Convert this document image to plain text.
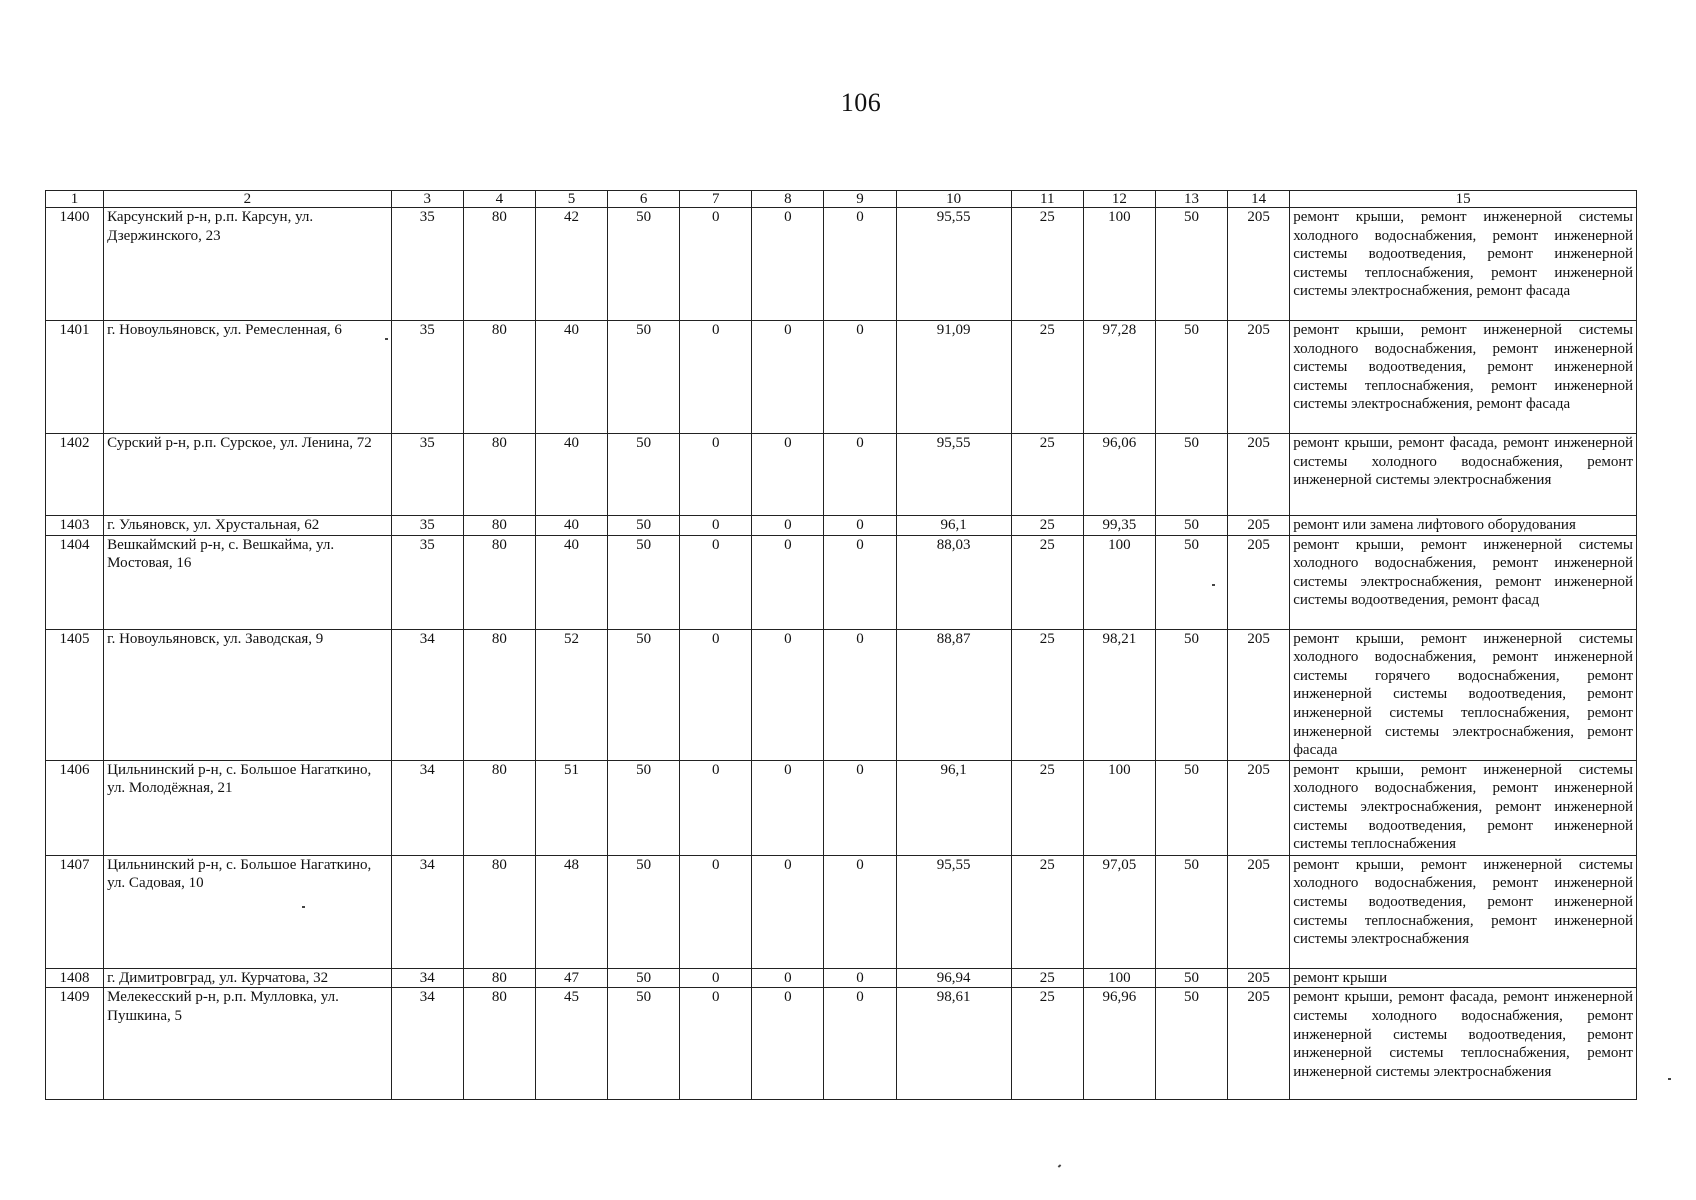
106
1	2	3	4	5	6	7	8	9	10	11	12	13	14	15
1400	Карсунский р-н, р.п. Карсун, ул. Дзержинского, 23	35	80	42	50	0	0	0	95,55	25	100	50	205	ремонт крыши, ремонт инженерной системы холодного водоснабжения, ремонт инженерной системы водоотведения, ремонт инженерной системы теплоснабжения, ремонт инженерной системы электроснабжения, ремонт фасада
1401	г. Новоульяновск, ул. Ремесленная, 6	35	80	40	50	0	0	0	91,09	25	97,28	50	205	ремонт крыши, ремонт инженерной системы холодного водоснабжения, ремонт инженерной системы водоотведения, ремонт инженерной системы теплоснабжения, ремонт инженерной системы электроснабжения, ремонт фасада
1402	Сурский р-н, р.п. Сурское, ул. Ленина, 72	35	80	40	50	0	0	0	95,55	25	96,06	50	205	ремонт крыши, ремонт фасада, ремонт инженерной системы холодного водоснабжения, ремонт инженерной системы электроснабжения
1403	г. Ульяновск, ул. Хрустальная, 62	35	80	40	50	0	0	0	96,1	25	99,35	50	205	ремонт или замена лифтового оборудования
1404	Вешкаймский р-н, с. Вешкайма, ул. Мостовая, 16	35	80	40	50	0	0	0	88,03	25	100	50	205	ремонт крыши, ремонт инженерной системы холодного водоснабжения, ремонт инженерной системы электроснабжения, ремонт инженерной системы водоотведения, ремонт фасад
1405	г. Новоульяновск, ул. Заводская, 9	34	80	52	50	0	0	0	88,87	25	98,21	50	205	ремонт крыши, ремонт инженерной системы холодного водоснабжения, ремонт инженерной системы горячего водоснабжения, ремонт инженерной системы водоотведения, ремонт инженерной системы теплоснабжения, ремонт инженерной системы электроснабжения, ремонт фасада
1406	Цильнинский р-н, с. Большое Нагаткино, ул. Молодёжная, 21	34	80	51	50	0	0	0	96,1	25	100	50	205	ремонт крыши, ремонт инженерной системы холодного водоснабжения, ремонт инженерной системы электроснабжения, ремонт инженерной системы водоотведения, ремонт инженерной системы теплоснабжения
1407	Цильнинский р-н, с. Большое Нагаткино, ул. Садовая, 10	34	80	48	50	0	0	0	95,55	25	97,05	50	205	ремонт крыши, ремонт инженерной системы холодного водоснабжения, ремонт инженерной системы водоотведения, ремонт инженерной системы теплоснабжения, ремонт инженерной системы электроснабжения
1408	г. Димитровград, ул. Курчатова, 32	34	80	47	50	0	0	0	96,94	25	100	50	205	ремонт крыши
1409	Мелекесский р-н, р.п. Мулловка, ул. Пушкина, 5	34	80	45	50	0	0	0	98,61	25	96,96	50	205	ремонт крыши, ремонт фасада, ремонт инженерной системы холодного водоснабжения, ремонт инженерной системы водоотведения, ремонт инженерной системы теплоснабжения, ремонт инженерной системы электроснабжения
